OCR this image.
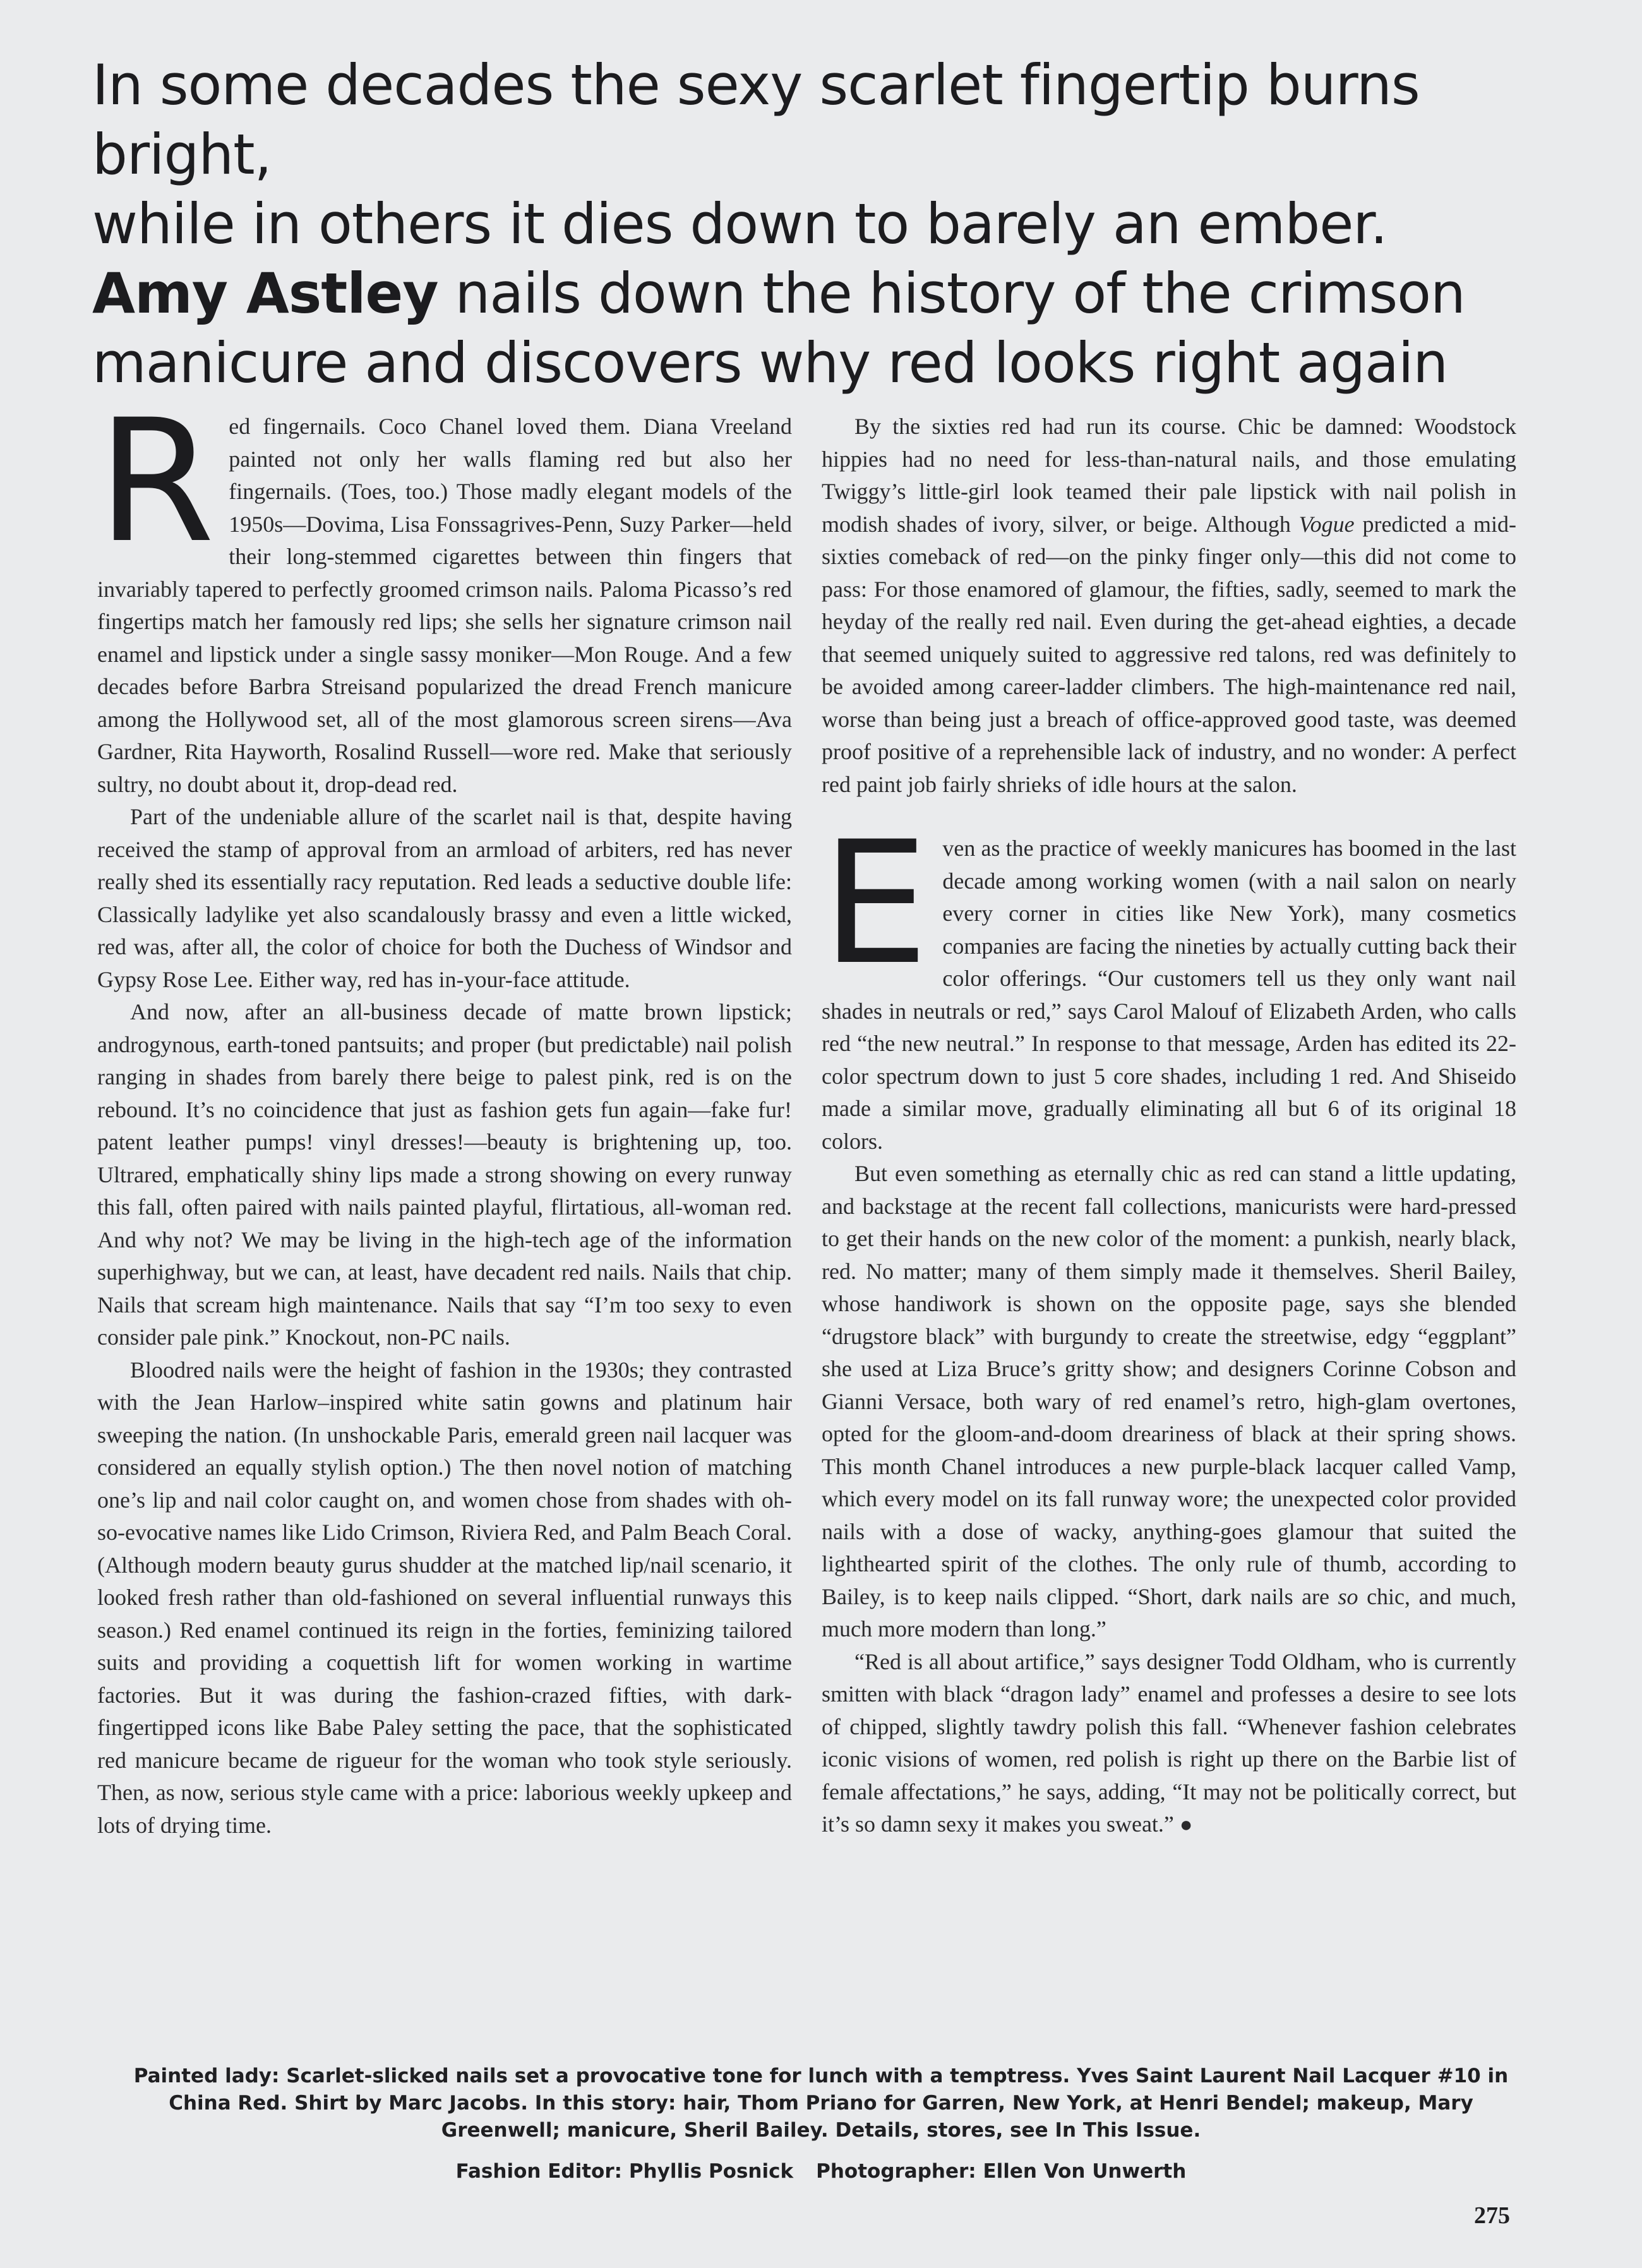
In some decades the sexy scarlet fingertip burns bright,
while in others it dies down to barely an ember.
Amy Astley nails down the history of the crimson
manicure and discovers why red looks right again

Red fingernails. Coco Chanel loved them. Diana Vreeland painted not only her walls flaming red but also her fingernails. (Toes, too.) Those madly elegant models of the 1950s—Dovima, Lisa Fonssagrives-Penn, Suzy Parker—held their long-stemmed cigarettes between thin fingers that invariably tapered to perfectly groomed crimson nails. Paloma Picasso’s red fingertips match her famously red lips; she sells her signature crimson nail enamel and lipstick under a single sassy moniker—Mon Rouge. And a few decades before Barbra Streisand popularized the dread French manicure among the Hollywood set, all of the most glamorous screen sirens—Ava Gardner, Rita Hayworth, Rosalind Russell—wore red. Make that seriously sultry, no doubt about it, drop-dead red.

Part of the undeniable allure of the scarlet nail is that, despite having received the stamp of approval from an armload of arbiters, red has never really shed its essentially racy reputation. Red leads a seductive double life: Classically ladylike yet also scandalously brassy and even a little wicked, red was, after all, the color of choice for both the Duchess of Windsor and Gypsy Rose Lee. Either way, red has in-your-face attitude.

And now, after an all-business decade of matte brown lipstick; androgynous, earth-toned pantsuits; and proper (but predictable) nail polish ranging in shades from barely there beige to palest pink, red is on the rebound. It’s no coincidence that just as fashion gets fun again—fake fur! patent leather pumps! vinyl dresses!—beauty is brightening up, too. Ultrared, emphatically shiny lips made a strong showing on every runway this fall, often paired with nails painted playful, flirtatious, all-woman red. And why not? We may be living in the high-tech age of the information superhighway, but we can, at least, have decadent red nails. Nails that chip. Nails that scream high maintenance. Nails that say “I’m too sexy to even consider pale pink.” Knockout, non-PC nails.

Bloodred nails were the height of fashion in the 1930s; they contrasted with the Jean Harlow–inspired white satin gowns and platinum hair sweeping the nation. (In unshockable Paris, emerald green nail lacquer was considered an equally stylish option.) The then novel notion of matching one’s lip and nail color caught on, and women chose from shades with oh-so-evocative names like Lido Crimson, Riviera Red, and Palm Beach Coral. (Although modern beauty gurus shudder at the matched lip/nail scenario, it looked fresh rather than old-fashioned on several influential runways this season.) Red enamel continued its reign in the forties, feminizing tailored suits and providing a coquettish lift for women working in wartime factories. But it was during the fashion-crazed fifties, with dark-fingertipped icons like Babe Paley setting the pace, that the sophisticated red manicure became de rigueur for the woman who took style seriously. Then, as now, serious style came with a price: laborious weekly upkeep and lots of drying time.

By the sixties red had run its course. Chic be damned: Woodstock hippies had no need for less-than-natural nails, and those emulating Twiggy’s little-girl look teamed their pale lipstick with nail polish in modish shades of ivory, silver, or beige. Although Vogue predicted a mid-sixties comeback of red—on the pinky finger only—this did not come to pass: For those enamored of glamour, the fifties, sadly, seemed to mark the heyday of the really red nail. Even during the get-ahead eighties, a decade that seemed uniquely suited to aggressive red talons, red was definitely to be avoided among career-ladder climbers. The high-maintenance red nail, worse than being just a breach of office-approved good taste, was deemed proof positive of a reprehensible lack of industry, and no wonder: A perfect red paint job fairly shrieks of idle hours at the salon.

Even as the practice of weekly manicures has boomed in the last decade among working women (with a nail salon on nearly every corner in cities like New York), many cosmetics companies are facing the nineties by actually cutting back their color offerings. “Our customers tell us they only want nail shades in neutrals or red,” says Carol Malouf of Elizabeth Arden, who calls red “the new neutral.” In response to that message, Arden has edited its 22-color spectrum down to just 5 core shades, including 1 red. And Shiseido made a similar move, gradually eliminating all but 6 of its original 18 colors.

But even something as eternally chic as red can stand a little updating, and backstage at the recent fall collections, manicurists were hard-pressed to get their hands on the new color of the moment: a punkish, nearly black, red. No matter; many of them simply made it themselves. Sheril Bailey, whose handiwork is shown on the opposite page, says she blended “drugstore black” with burgundy to create the streetwise, edgy “eggplant” she used at Liza Bruce’s gritty show; and designers Corinne Cobson and Gianni Versace, both wary of red enamel’s retro, high-glam overtones, opted for the gloom-and-doom dreariness of black at their spring shows. This month Chanel introduces a new purple-black lacquer called Vamp, which every model on its fall runway wore; the unexpected color provided nails with a dose of wacky, anything-goes glamour that suited the lighthearted spirit of the clothes. The only rule of thumb, according to Bailey, is to keep nails clipped. “Short, dark nails are so chic, and much, much more modern than long.”

“Red is all about artifice,” says designer Todd Oldham, who is currently smitten with black “dragon lady” enamel and professes a desire to see lots of chipped, slightly tawdry polish this fall. “Whenever fashion celebrates iconic visions of women, red polish is right up there on the Barbie list of female affectations,” he says, adding, “It may not be politically correct, but it’s so damn sexy it makes you sweat.” ●

Painted lady: Scarlet-slicked nails set a provocative tone for lunch with a temptress. Yves Saint Laurent Nail Lacquer #10 in China Red. Shirt by Marc Jacobs. In this story: hair, Thom Priano for Garren, New York, at Henri Bendel; makeup, Mary Greenwell; manicure, Sheril Bailey. Details, stores, see In This Issue.

Fashion Editor: Phyllis Posnick Photographer: Ellen Von Unwerth
275
